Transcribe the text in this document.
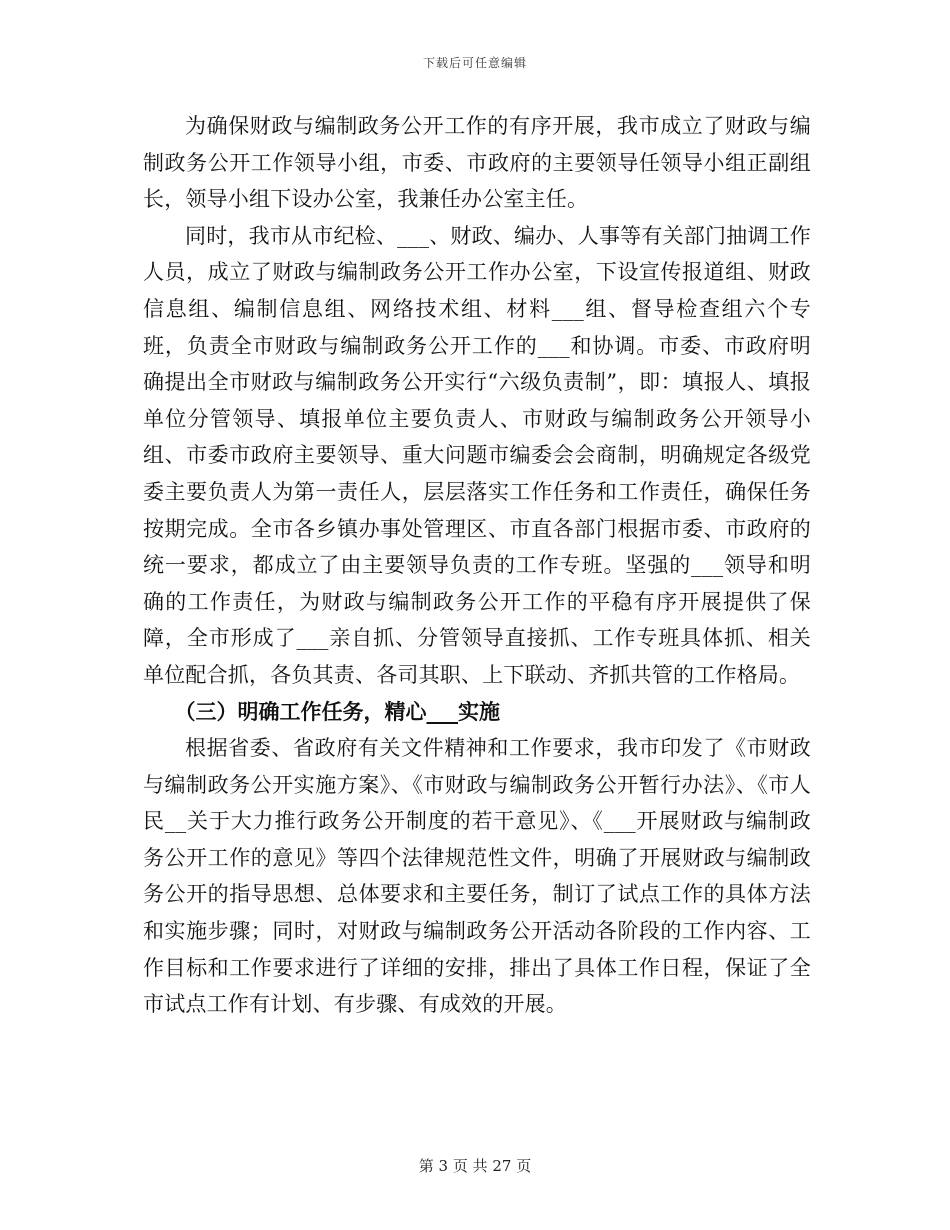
下载后可任意编辑

为确保财政与编制政务公开工作的有序开展，我市成立了财政与编制政务公开工作领导小组，市委、市政府的主要领导任领导小组正副组长，领导小组下设办公室，我兼任办公室主任。

同时，我市从市纪检、___、财政、编办、人事等有关部门抽调工作人员，成立了财政与编制政务公开工作办公室，下设宣传报道组、财政信息组、编制信息组、网络技术组、材料___组、督导检查组六个专班，负责全市财政与编制政务公开工作的___和协调。市委、市政府明确提出全市财政与编制政务公开实行“六级负责制”，即：填报人、填报单位分管领导、填报单位主要负责人、市财政与编制政务公开领导小组、市委市政府主要领导、重大问题市编委会会商制，明确规定各级党委主要负责人为第一责任人，层层落实工作任务和工作责任，确保任务按期完成。全市各乡镇办事处管理区、市直各部门根据市委、市政府的统一要求，都成立了由主要领导负责的工作专班。坚强的___领导和明确的工作责任，为财政与编制政务公开工作的平稳有序开展提供了保障，全市形成了___亲自抓、分管领导直接抓、工作专班具体抓、相关单位配合抓，各负其责、各司其职、上下联动、齐抓共管的工作格局。

（三）明确工作任务，精心___实施

根据省委、省政府有关文件精神和工作要求，我市印发了《市财政与编制政务公开实施方案》、《市财政与编制政务公开暂行办法》、《市人民__关于大力推行政务公开制度的若干意见》、《___开展财政与编制政务公开工作的意见》等四个法律规范性文件，明确了开展财政与编制政务公开的指导思想、总体要求和主要任务，制订了试点工作的具体方法和实施步骤；同时，对财政与编制政务公开活动各阶段的工作内容、工作目标和工作要求进行了详细的安排，排出了具体工作日程，保证了全市试点工作有计划、有步骤、有成效的开展。

第 3 页 共 27 页
